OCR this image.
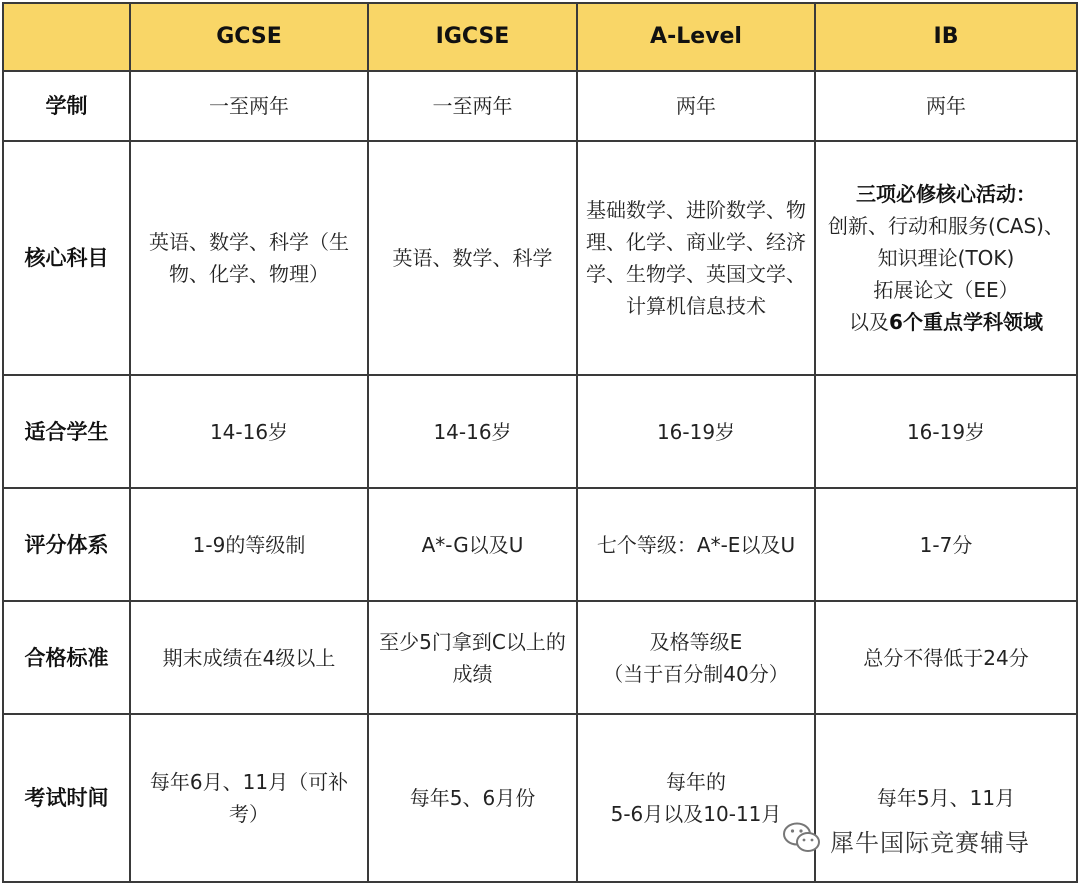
	GCSE	IGCSE	A-Level	IB
学制	一至两年	一至两年	两年	两年
核心科目	英语、数学、科学（生物、化学、物理）	英语、数学、科学	基础数学、进阶数学、物理、化学、商业学、经济学、生物学、英国文学、计算机信息技术	三项必修核心活动：
创新、行动和服务(CAS)、
知识理论(TOK)
拓展论文（EE）
以及6个重点学科领域

适合学生	14-16岁	14-16岁	16-19岁	16-19岁
评分体系	1-9的等级制	A*-G以及U	七个等级：A*-E以及U	1-7分
合格标准	期末成绩在4级以上	至少5门拿到C以上的成绩	及格等级E
（当于百分制40分）	总分不得低于24分
考试时间	每年6月、11月（可补考）	每年5、6月份	每年的
5-6月以及10-11月	每年5月、11月
犀牛国际竞赛辅导
